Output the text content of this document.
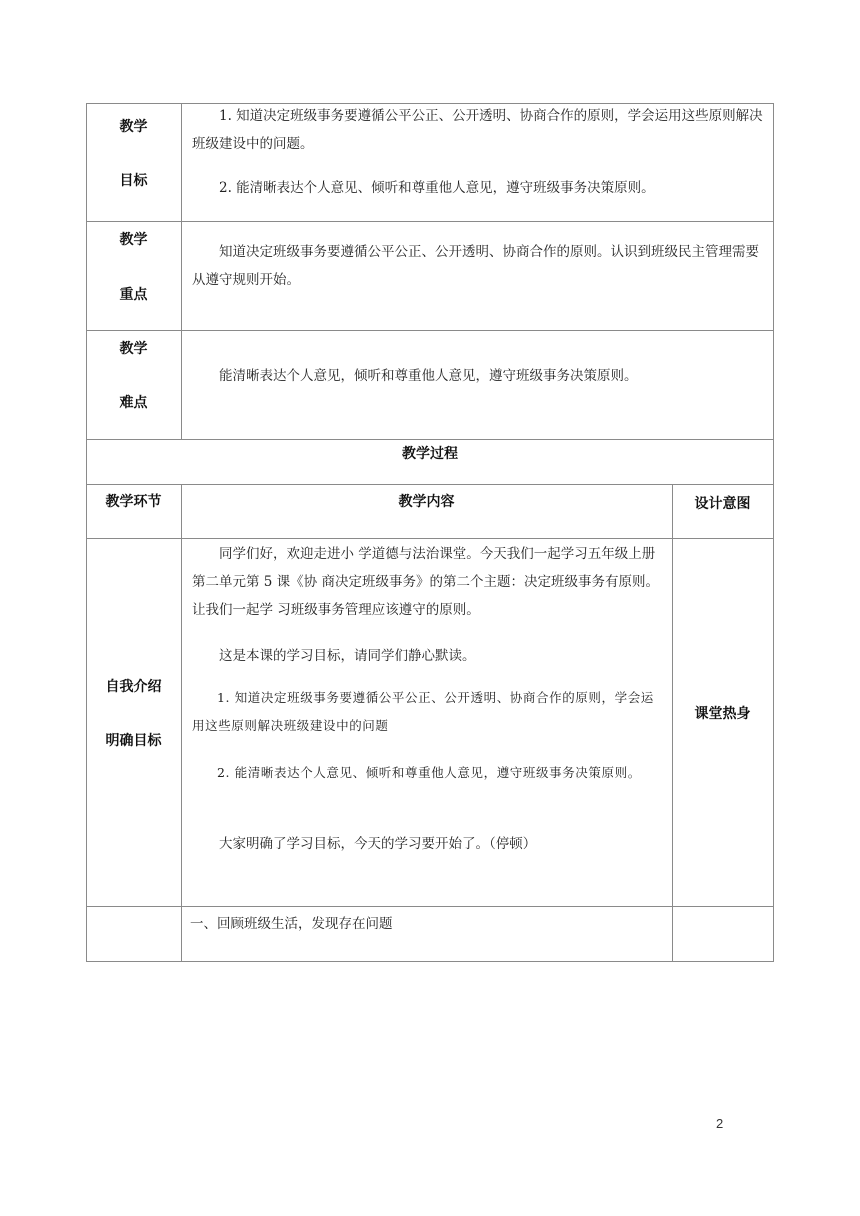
教学
目标
1. 知道决定班级事务要遵循公平公正、公开透明、协商合作的原则，学会运用这些原则解决班级建设中的问题。
2. 能清晰表达个人意见、倾听和尊重他人意见，遵守班级事务决策原则。
教学
重点
知道决定班级事务要遵循公平公正、公开透明、协商合作的原则。认识到班级民主管理需要从遵守规则开始。
教学
难点
能清晰表达个人意见，倾听和尊重他人意见，遵守班级事务决策原则。
教学过程
教学环节	教学内容	设计意图
自我介绍
明确目标
同学们好，欢迎走进小 学道德与法治课堂。今天我们一起学习五年级上册第二单元第 5 课《协 商决定班级事务》的第二个主题：决定班级事务有原则。让我们一起学 习班级事务管理应该遵守的原则。
这是本课的学习目标，请同学们静心默读。
1. 知道决定班级事务要遵循公平公正、公开透明、协商合作的原则，学会运用这些原则解决班级建设中的问题
2. 能清晰表达个人意见、倾听和尊重他人意见，遵守班级事务决策原则。
大家明确了学习目标，今天的学习要开始了。（停顿）
课堂热身
一、回顾班级生活，发现存在问题
2
